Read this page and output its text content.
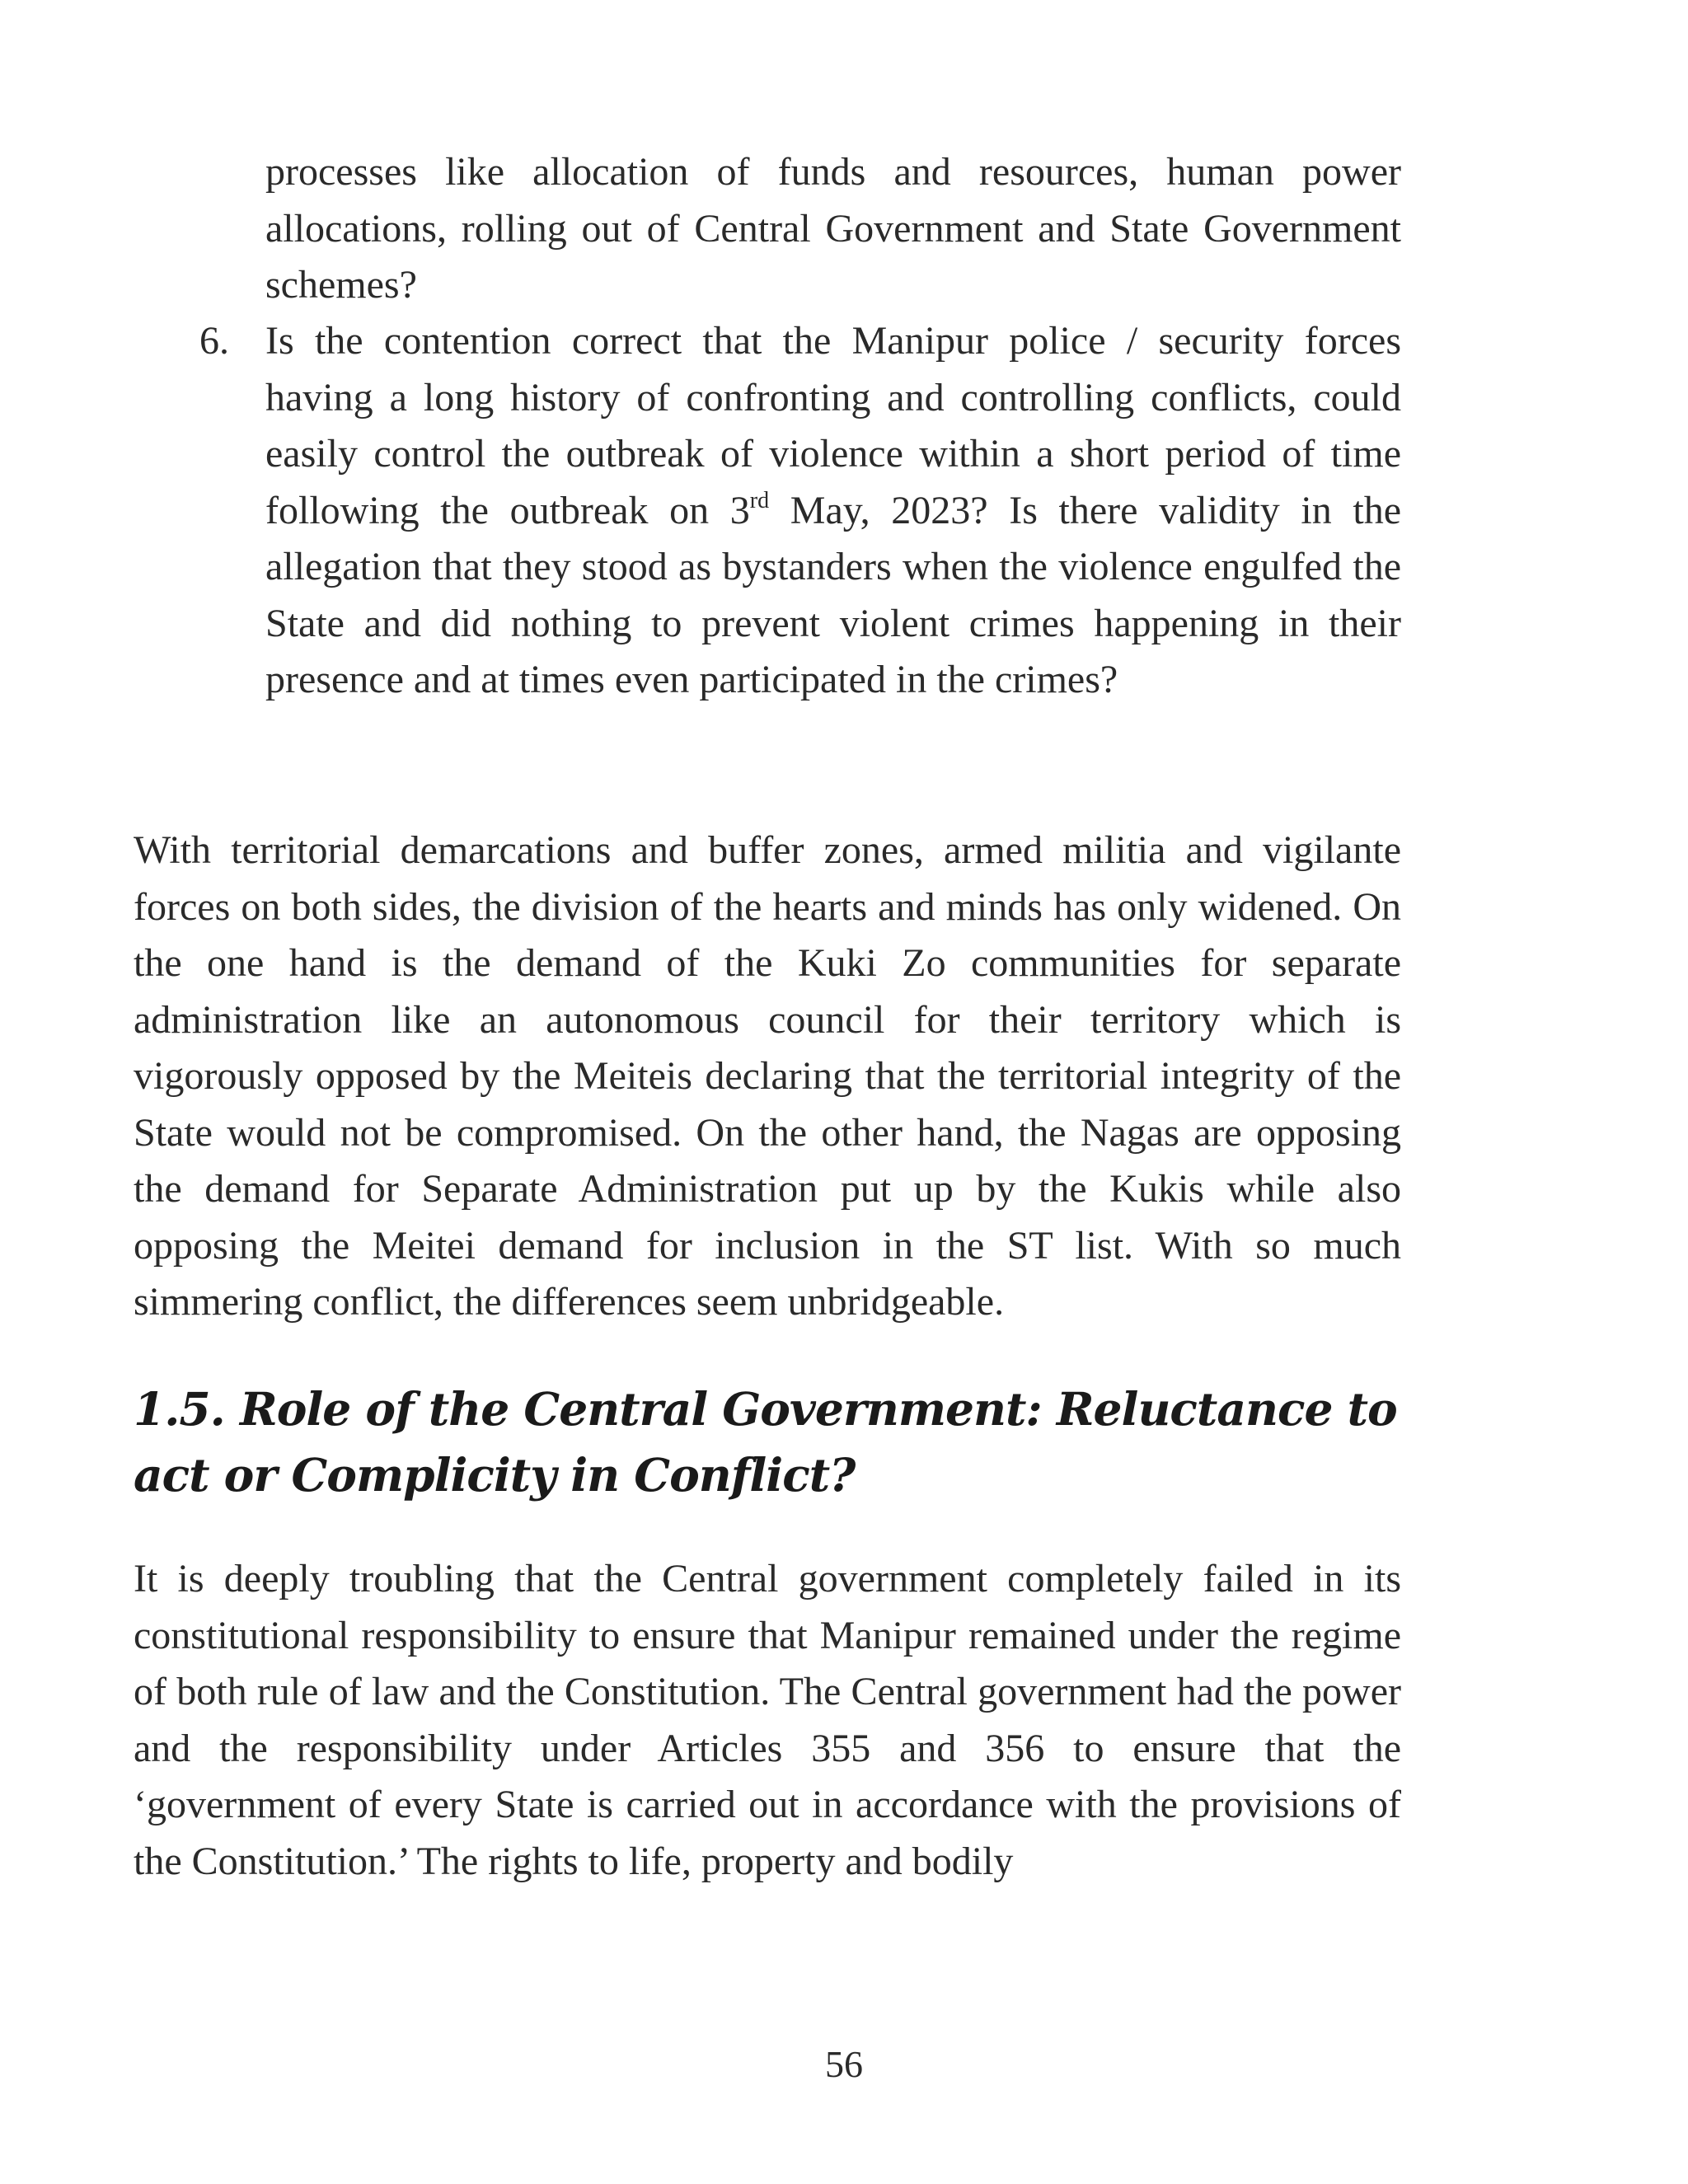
processes like allocation of funds and resources, human power allocations, rolling out of Central Government and State Government schemes?

6. Is the contention correct that the Manipur police / security forces having a long history of confronting and controlling conflicts, could easily control the outbreak of violence within a short period of time following the outbreak on 3rd May, 2023? Is there validity in the allegation that they stood as bystanders when the violence engulfed the State and did nothing to prevent violent crimes happening in their presence and at times even participated in the crimes?

With territorial demarcations and buffer zones, armed militia and vigilante forces on both sides, the division of the hearts and minds has only widened. On the one hand is the demand of the Kuki Zo communities for separate administration like an autonomous council for their territory which is vigorously opposed by the Meiteis declaring that the territorial integrity of the State would not be compromised. On the other hand, the Nagas are opposing the demand for Separate Administration put up by the Kukis while also opposing the Meitei demand for inclusion in the ST list. With so much simmering conflict, the differences seem unbridgeable.

1.5. Role of the Central Government: Reluctance to act or Complicity in Conflict?

It is deeply troubling that the Central government completely failed in its constitutional responsibility to ensure that Manipur remained under the regime of both rule of law and the Constitution. The Central government had the power and the responsibility under Articles 355 and 356 to ensure that the ‘government of every State is carried out in accordance with the provisions of the Constitution.’ The rights to life, property and bodily

56
